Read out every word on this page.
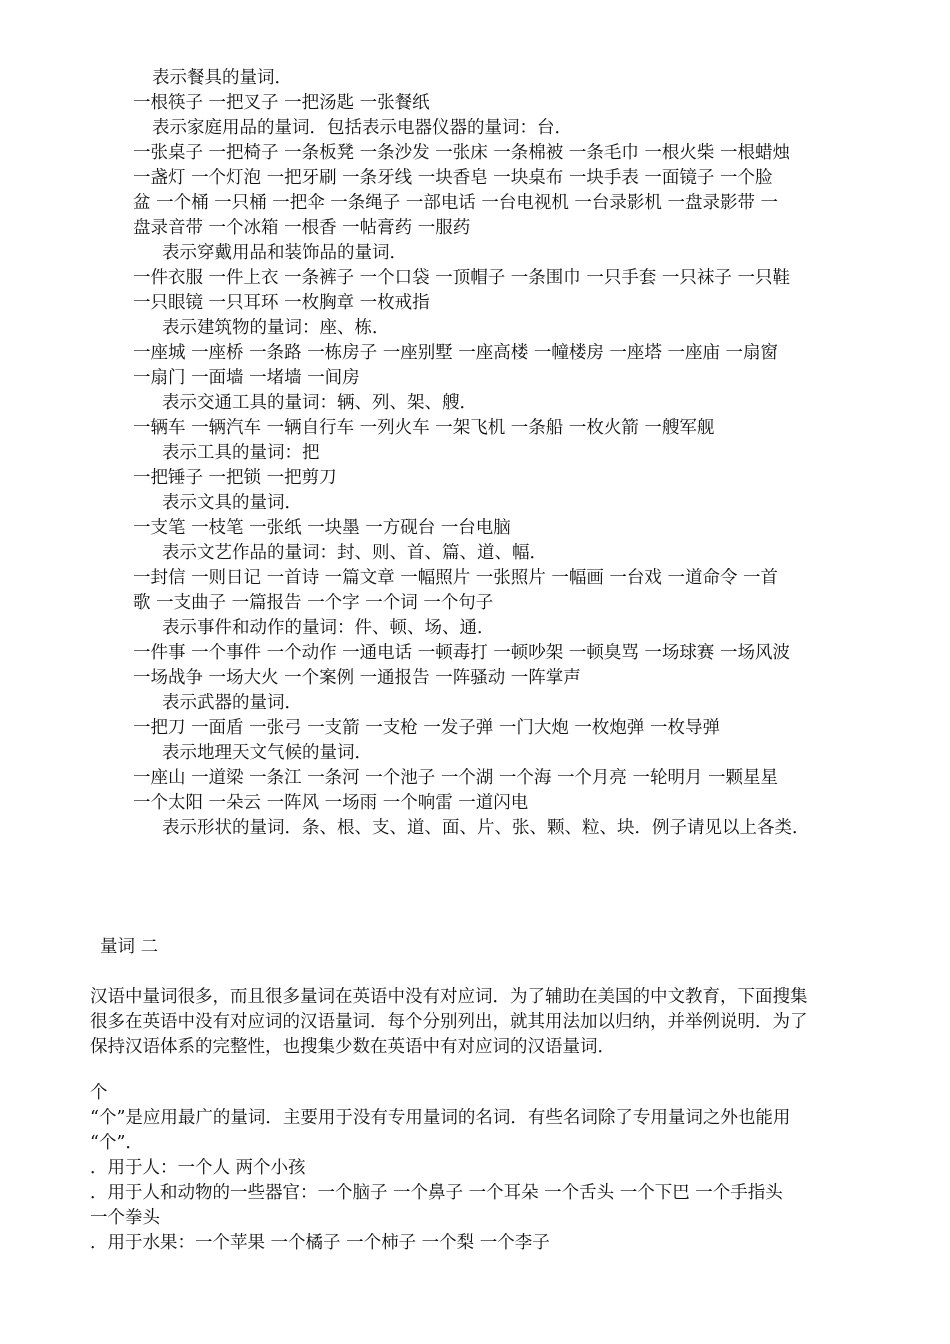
表示餐具的量词．
一根筷子 一把叉子 一把汤匙 一张餐纸
表示家庭用品的量词．包括表示电器仪器的量词：台．
一张桌子 一把椅子 一条板凳 一条沙发 一张床 一条棉被 一条毛巾 一根火柴 一根蜡烛
一盏灯 一个灯泡 一把牙刷 一条牙线 一块香皂 一块桌布 一块手表 一面镜子 一个脸
盆 一个桶 一只桶 一把伞 一条绳子 一部电话 一台电视机 一台录影机 一盘录影带 一
盘录音带 一个冰箱 一根香 一帖膏药 一服药
表示穿戴用品和装饰品的量词．
一件衣服 一件上衣 一条裤子 一个口袋 一顶帽子 一条围巾 一只手套 一只袜子 一只鞋
一只眼镜 一只耳环 一枚胸章 一枚戒指
表示建筑物的量词：座、栋．
一座城 一座桥 一条路 一栋房子 一座别墅 一座高楼 一幢楼房 一座塔 一座庙 一扇窗
一扇门 一面墙 一堵墙 一间房
表示交通工具的量词：辆、列、架、艘．
一辆车 一辆汽车 一辆自行车 一列火车 一架飞机 一条船 一枚火箭 一艘军舰
表示工具的量词：把
一把锤子 一把锁 一把剪刀
表示文具的量词．
一支笔 一枝笔 一张纸 一块墨 一方砚台 一台电脑
表示文艺作品的量词：封、则、首、篇、道、幅．
一封信 一则日记 一首诗 一篇文章 一幅照片 一张照片 一幅画 一台戏 一道命令 一首
歌 一支曲子 一篇报告 一个字 一个词 一个句子
表示事件和动作的量词：件、顿、场、通．
一件事 一个事件 一个动作 一通电话 一顿毒打 一顿吵架 一顿臭骂 一场球赛 一场风波
一场战争 一场大火 一个案例 一通报告 一阵骚动 一阵掌声
表示武器的量词．
一把刀 一面盾 一张弓 一支箭 一支枪 一发子弹 一门大炮 一枚炮弹 一枚导弹
表示地理天文气候的量词．
一座山 一道梁 一条江 一条河 一个池子 一个湖 一个海 一个月亮 一轮明月 一颗星星
一个太阳 一朵云 一阵风 一场雨 一个响雷 一道闪电
表示形状的量词．条、根、支、道、面、片、张、颗、粒、块．例子请见以上各类．
量词 二
汉语中量词很多，而且很多量词在英语中没有对应词．为了辅助在美国的中文教育，下面搜集
很多在英语中没有对应词的汉语量词．每个分别列出，就其用法加以归纳，并举例说明．为了
保持汉语体系的完整性，也搜集少数在英语中有对应词的汉语量词．
个
“个”是应用最广的量词．主要用于没有专用量词的名词．有些名词除了专用量词之外也能用
“个”．
．用于人：一个人 两个小孩
．用于人和动物的一些器官：一个脑子 一个鼻子 一个耳朵 一个舌头 一个下巴 一个手指头
一个拳头
．用于水果：一个苹果 一个橘子 一个柿子 一个梨 一个李子
